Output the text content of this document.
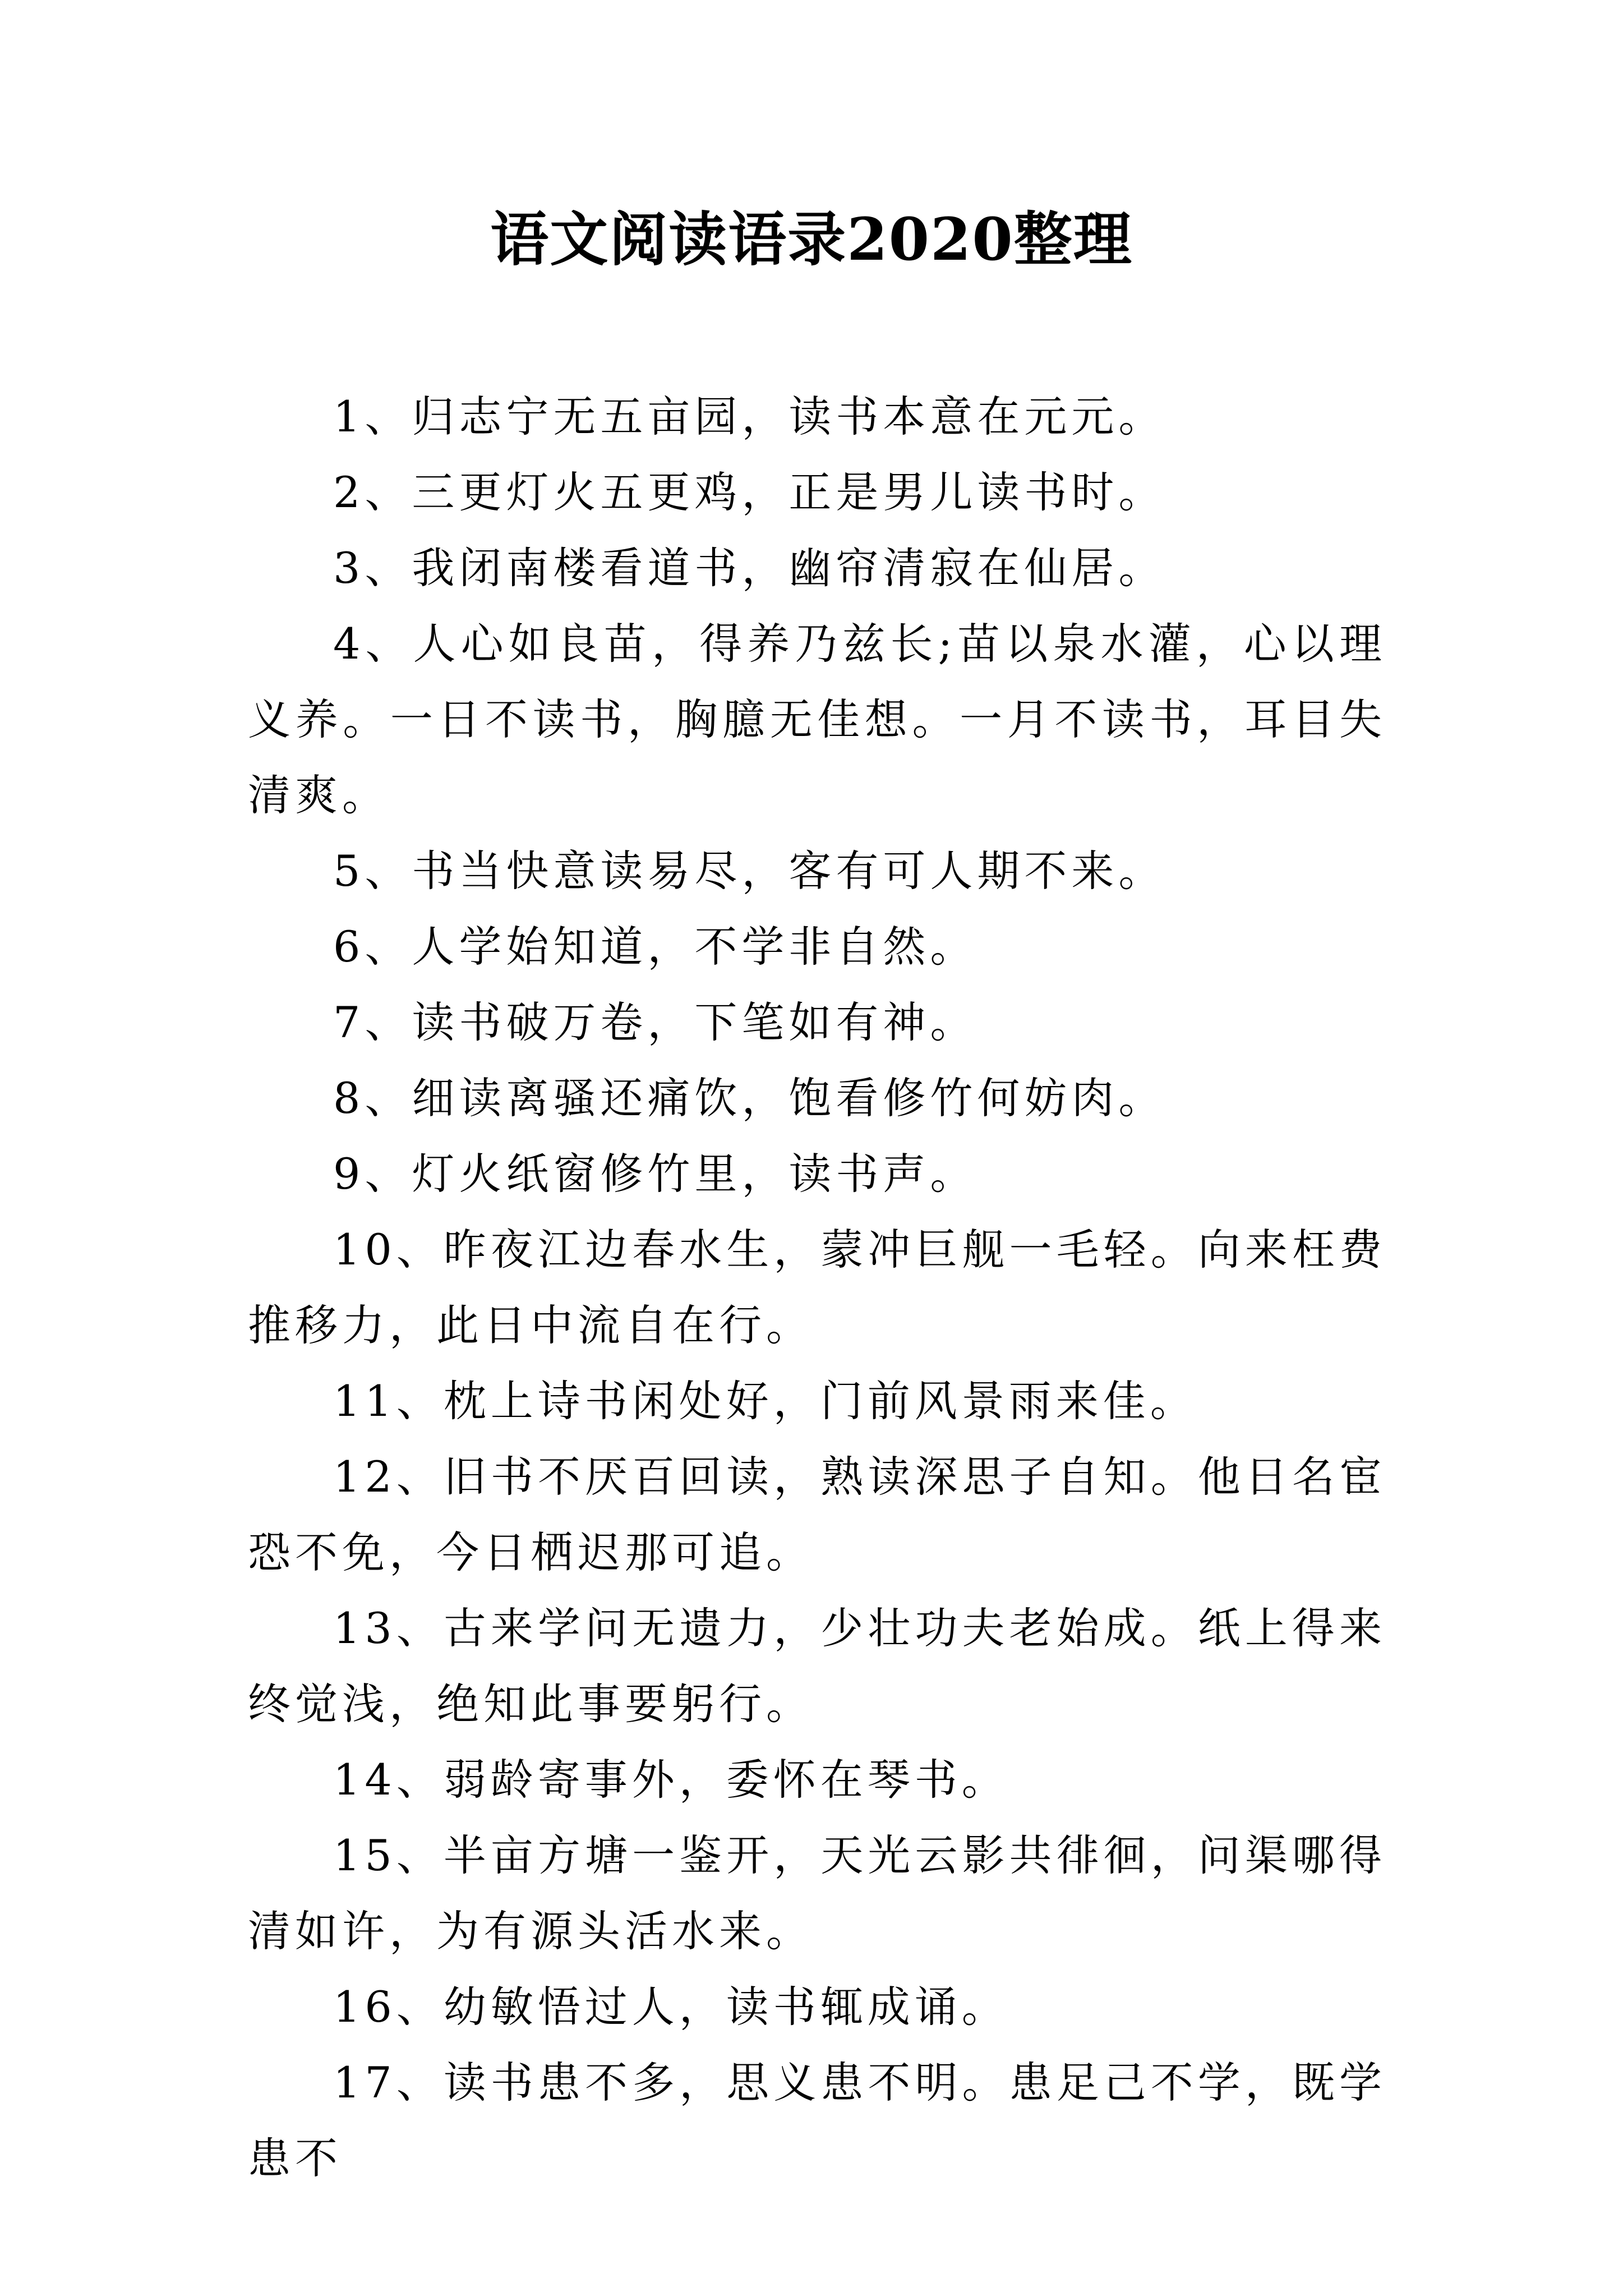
语文阅读语录2020整理

1、归志宁无五亩园，读书本意在元元。

2、三更灯火五更鸡，正是男儿读书时。

3、我闭南楼看道书，幽帘清寂在仙居。

4、人心如良苗，得养乃兹长;苗以泉水灌，心以理义养。一日不读书，胸臆无佳想。一月不读书，耳目失清爽。

5、书当快意读易尽，客有可人期不来。

6、人学始知道，不学非自然。

7、读书破万卷，下笔如有神。

8、细读离骚还痛饮，饱看修竹何妨肉。

9、灯火纸窗修竹里，读书声。

10、昨夜江边春水生，蒙冲巨舰一毛轻。向来枉费推移力，此日中流自在行。

11、枕上诗书闲处好，门前风景雨来佳。

12、旧书不厌百回读，熟读深思子自知。他日名宦恐不免，今日栖迟那可追。

13、古来学问无遗力，少壮功夫老始成。纸上得来终觉浅，绝知此事要躬行。

14、弱龄寄事外，委怀在琴书。

15、半亩方塘一鉴开，天光云影共徘徊，问渠哪得清如许，为有源头活水来。

16、幼敏悟过人，读书辄成诵。

17、读书患不多，思义患不明。患足己不学，既学患不
